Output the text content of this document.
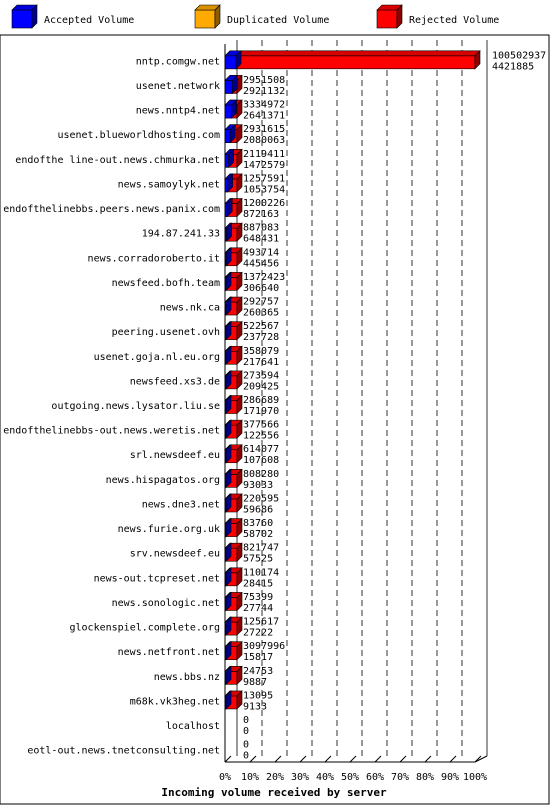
Accepted Volume	Duplicated Volume	Rejected Volume
nntp.comgw.net
100502937
4421885
usenet.network
2951508
2921132
news.nntp4.net
3334972
2641371
usenet.blueworldhosting.com
2931615
2080063
endofthe line-out.news.chmurka.net
2119411
1472579
news.samoylyk.net
1257591
1053754
endofthelinebbs.peers.news.panix.com
1200226
872163
194.87.241.33
887083
648431
news.corradoroberto.it
493714
445456
newsfeed.bofh.team
1372423
306640
news.nk.ca
292757
260365
peering.usenet.ovh
522567
237728
usenet.goja.nl.eu.org
358079
217641
newsfeed.xs3.de
273594
209425
outgoing.news.lysator.liu.se
286689
171970
endofthelinebbs-out.news.weretis.net
377566
122556
srl.newsdeef.eu
614077
107608
news.hispagatos.org
808280
93033
news.dne3.net
220595
59686
news.furie.org.uk
83760
58702
srv.newsdeef.eu
821747
57525
news-out.tcpreset.net
110174
28415
news.sonologic.net
75399
27744
glockenspiel.complete.org
125617
27222
news.netfront.net
3097996
15817
news.bbs.nz
24753
9887
m68k.vk3heg.net
13095
9133
localhost
0
0
eotl-out.news.tnetconsulting.net
0
0
0% 10% 20% 30% 40% 50% 60% 70% 80% 90% 100%
Incoming volume received by server
